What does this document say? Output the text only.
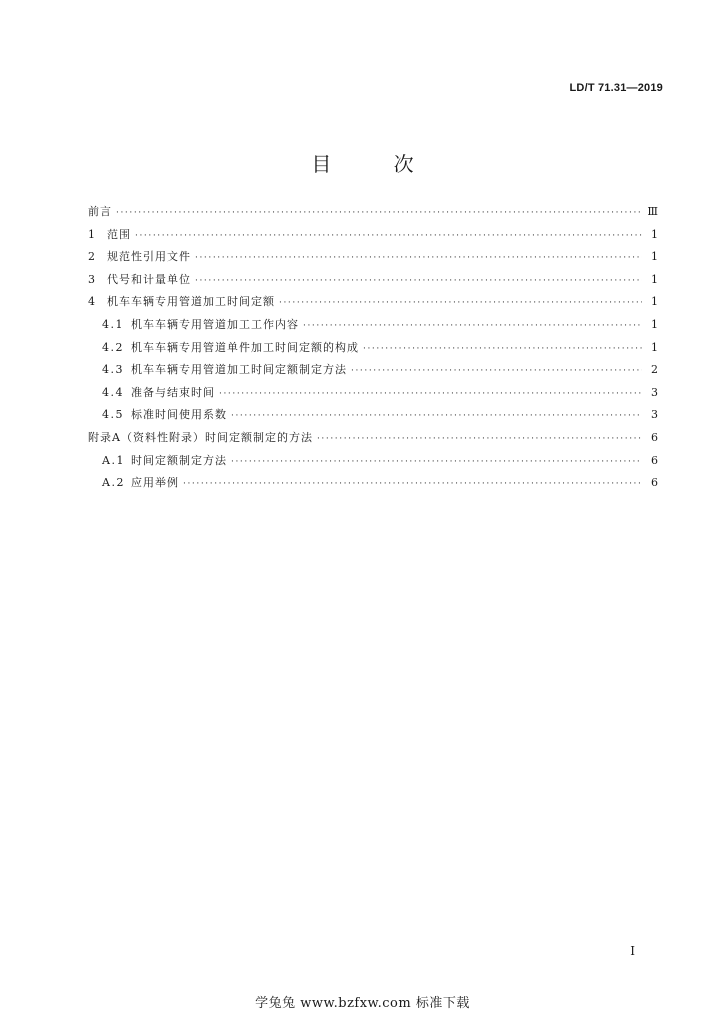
LD/T 71.31—2019
目 次
前言 ·····	Ⅲ
1	范围 ·····	1
2	规范性引用文件 ·····	1
3	代号和计量单位 ·····	1
4	机车车辆专用管道加工时间定额 ·····	1
4.1 机车车辆专用管道加工工作内容 ·····	1
4.2 机车车辆专用管道单件加工时间定额的构成 ·····	1
4.3 机车车辆专用管道加工时间定额制定方法 ·····	2
4.4 准备与结束时间 ·····	3
4.5 标准时间使用系数 ·····	3
附录A（资料性附录）时间定额制定的方法 ·····	6
A.1 时间定额制定方法 ·····	6
A.2 应用举例 ·····	6
I
学兔兔 www.bzfxw.com 标准下载
